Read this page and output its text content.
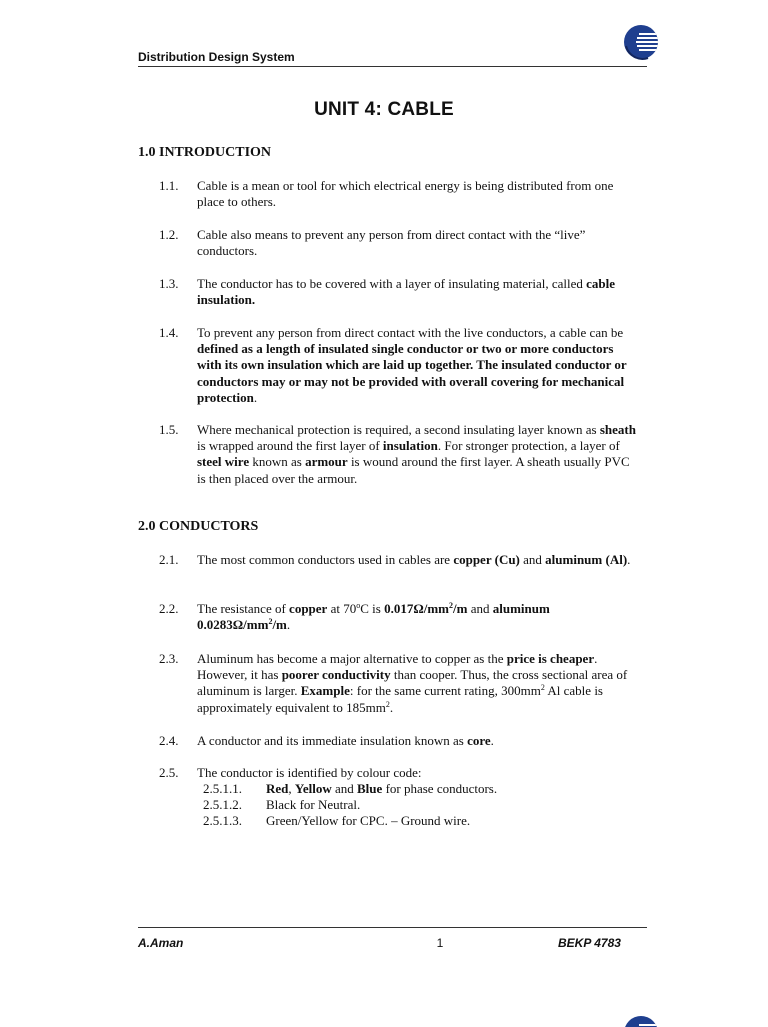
Distribution Design System
UNIT 4: CABLE
1.0 INTRODUCTION
1.1. Cable is a mean or tool for which electrical energy is being distributed from one place to others.
1.2. Cable also means to prevent any person from direct contact with the “live” conductors.
1.3. The conductor has to be covered with a layer of insulating material, called cable insulation.
1.4. To prevent any person from direct contact with the live conductors, a cable can be defined as a length of insulated single conductor or two or more conductors with its own insulation which are laid up together. The insulated conductor or conductors may or may not be provided with overall covering for mechanical protection.
1.5. Where mechanical protection is required, a second insulating layer known as sheath is wrapped around the first layer of insulation. For stronger protection, a layer of steel wire known as armour is wound around the first layer. A sheath usually PVC is then placed over the armour.
2.0 CONDUCTORS
2.1. The most common conductors used in cables are copper (Cu) and aluminum (Al).
2.2. The resistance of copper at 70$^o$C is $0.017\Omega/mm^2/m$ and aluminum $0.0283\Omega/mm^2/m$.
2.3. Aluminum has become a major alternative to copper as the price is cheaper. However, it has poorer conductivity than cooper. Thus, the cross sectional area of aluminum is larger. Example: for the same current rating, $300mm^2$ Al cable is approximately equivalent to $185mm^2$.
2.4. A conductor and its immediate insulation known as core.
2.5. The conductor is identified by colour code:
2.5.1.1. Red, Yellow and Blue for phase conductors.
2.5.1.2. Black for Neutral.
2.5.1.3. Green/Yellow for CPC. – Ground wire.
A.Aman	1	BEKP 4783
